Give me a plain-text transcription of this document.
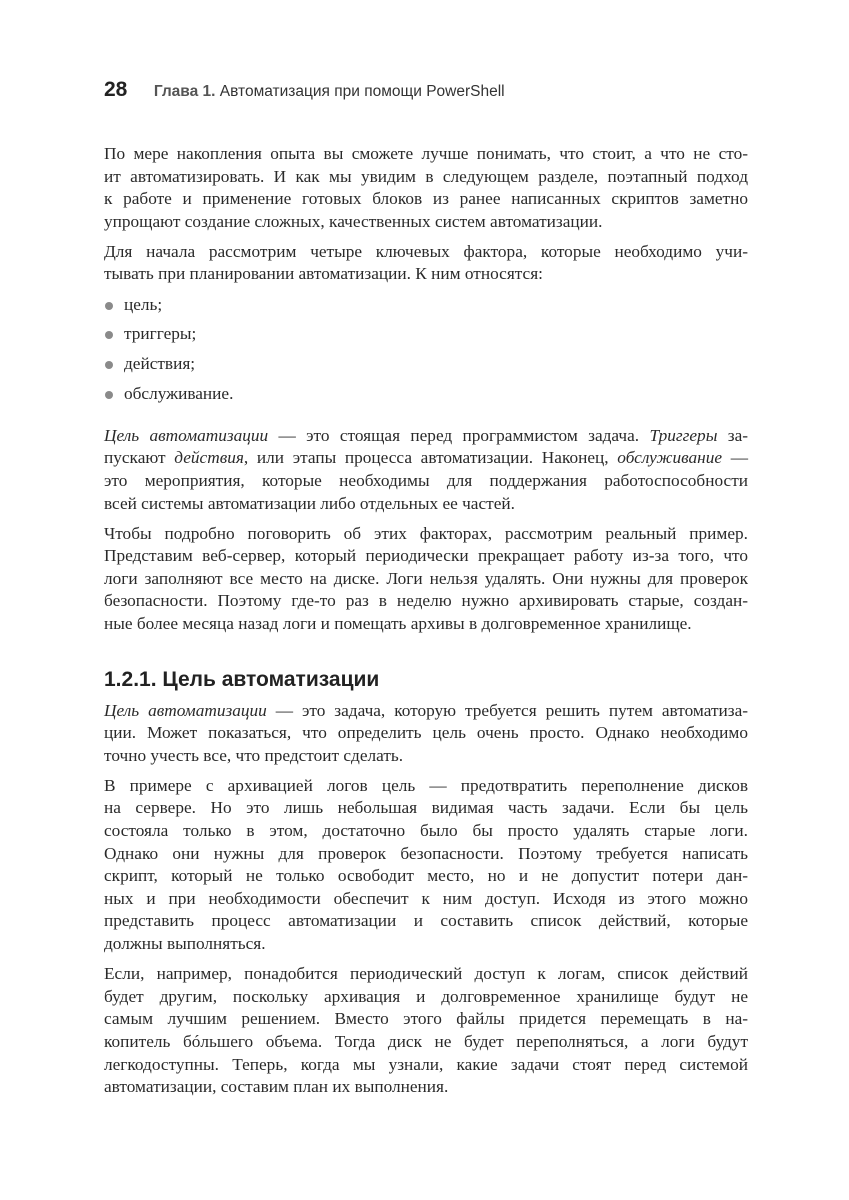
28 Глава 1. Автоматизация при помощи PowerShell
По мере накопления опыта вы сможете лучше понимать, что стоит, а что не сто-
ит автоматизировать. И как мы увидим в следующем разделе, поэтапный подход
к работе и применение готовых блоков из ранее написанных скриптов заметно
упрощают создание сложных, качественных систем автоматизации.
Для начала рассмотрим четыре ключевых фактора, которые необходимо учи-
тывать при планировании автоматизации. К ним относятся:
цель;
триггеры;
действия;
обслуживание.
Цель автоматизации — это стоящая перед программистом задача. Триггеры за-
пускают действия, или этапы процесса автоматизации. Наконец, обслуживание —
это мероприятия, которые необходимы для поддержания работоспособности
всей системы автоматизации либо отдельных ее частей.
Чтобы подробно поговорить об этих факторах, рассмотрим реальный пример.
Представим веб-сервер, который периодически прекращает работу из-за того, что
логи заполняют все место на диске. Логи нельзя удалять. Они нужны для проверок
безопасности. Поэтому где-то раз в неделю нужно архивировать старые, создан-
ные более месяца назад логи и помещать архивы в долговременное хранилище.
1.2.1. Цель автоматизации
Цель автоматизации — это задача, которую требуется решить путем автоматиза-
ции. Может показаться, что определить цель очень просто. Однако необходимо
точно учесть все, что предстоит сделать.
В примере с архивацией логов цель — предотвратить переполнение дисков
на сервере. Но это лишь небольшая видимая часть задачи. Если бы цель
состояла только в этом, достаточно было бы просто удалять старые логи.
Однако они нужны для проверок безопасности. Поэтому требуется написать
скрипт, который не только освободит место, но и не допустит потери дан-
ных и при необходимости обеспечит к ним доступ. Исходя из этого можно
представить процесс автоматизации и составить список действий, которые
должны выполняться.
Если, например, понадобится периодический доступ к логам, список действий
будет другим, поскольку архивация и долговременное хранилище будут не
самым лучшим решением. Вместо этого файлы придется перемещать в на-
копитель бóльшего объема. Тогда диск не будет переполняться, а логи будут
легкодоступны. Теперь, когда мы узнали, какие задачи стоят перед системой
автоматизации, составим план их выполнения.
